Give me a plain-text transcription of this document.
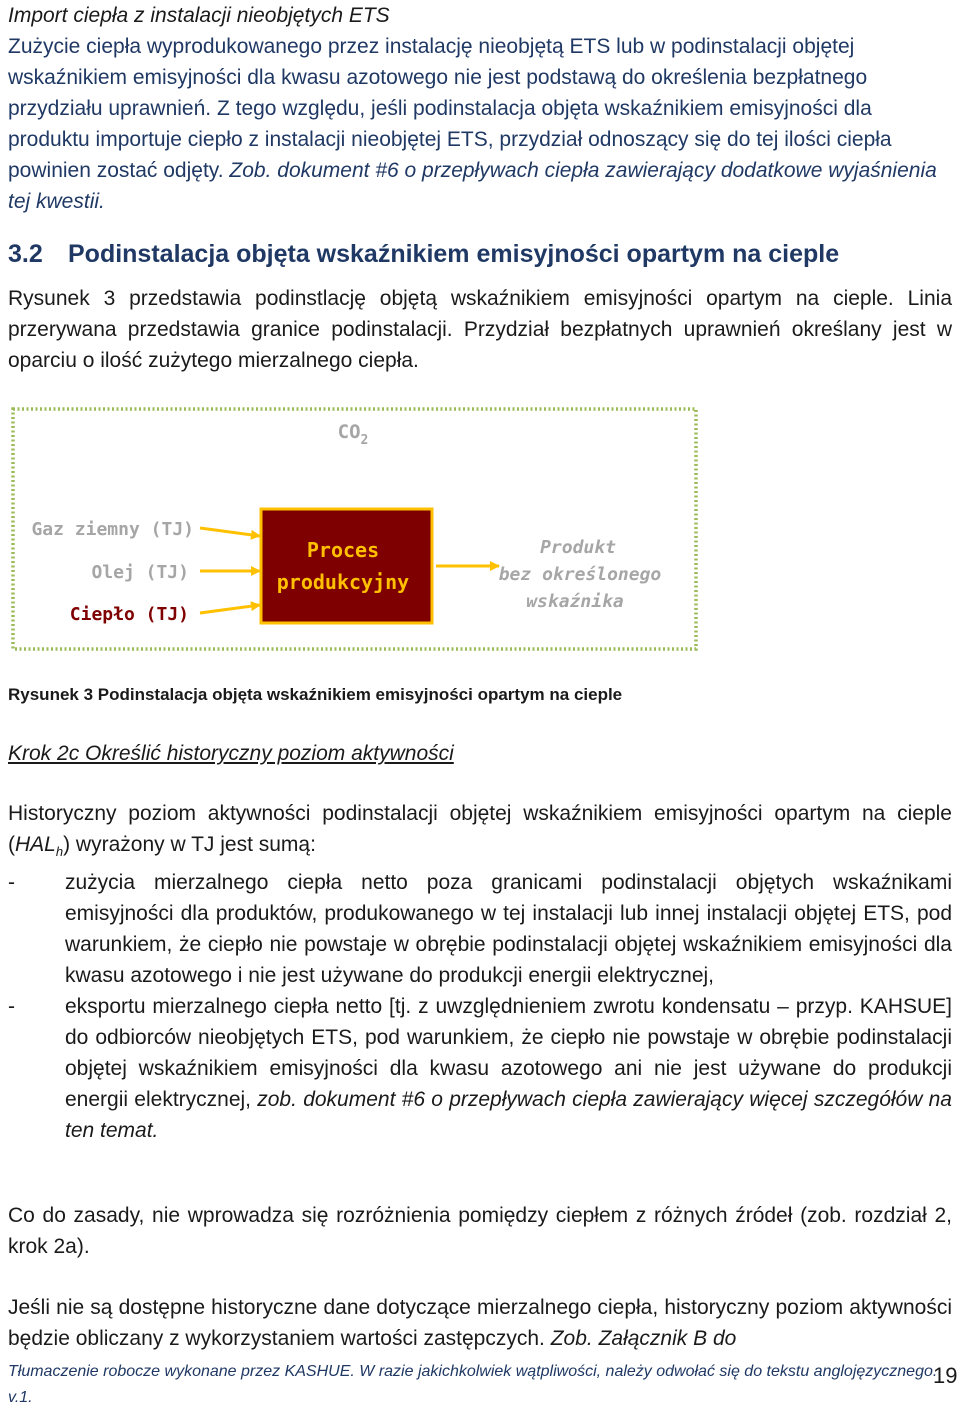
Import ciepła z instalacji nieobjętych ETS

Zużycie ciepła wyprodukowanego przez instalację nieobjętą ETS lub w podinstalacji objętej wskaźnikiem emisyjności dla kwasu azotowego nie jest podstawą do określenia bezpłatnego przydziału uprawnień. Z tego względu, jeśli podinstalacja objęta wskaźnikiem emisyjności dla produktu importuje ciepło z instalacji nieobjętej ETS, przydział odnoszący się do tej ilości ciepła powinien zostać odjęty. Zob. dokument #6 o przepływach ciepła zawierający dodatkowe wyjaśnienia tej kwestii.

3.2 Podinstalacja objęta wskaźnikiem emisyjności opartym na cieple

Rysunek 3 przedstawia podinstlację objętą wskaźnikiem emisyjności opartym na cieple. Linia przerywana przedstawia granice podinstalacji. Przydział bezpłatnych uprawnień określany jest w oparciu o ilość zużytego mierzalnego ciepła.

$CO_2$
Gaz ziemny (TJ)
Olej (TJ)
Ciepło (TJ)
Proces
produkcyjny
Produkt
bez określonego
wskaźnika
Rysunek 3 Podinstalacja objęta wskaźnikiem emisyjności opartym na cieple
Krok 2c Określić historyczny poziom aktywności

Historyczny poziom aktywności podinstalacji objętej wskaźnikiem emisyjności opartym na cieple $(HAL_h)$ wyrażony w TJ jest sumą:

- zużycia mierzalnego ciepła netto poza granicami podinstalacji objętych wskaźnikami emisyjności dla produktów, produkowanego w tej instalacji lub innej instalacji objętej ETS, pod warunkiem, że ciepło nie powstaje w obrębie podinstalacji objętej wskaźnikiem emisyjności dla kwasu azotowego i nie jest używane do produkcji energii elektrycznej,

- eksportu mierzalnego ciepła netto [tj. z uwzględnieniem zwrotu kondensatu – przyp. KAHSUE] do odbiorców nieobjętych ETS, pod warunkiem, że ciepło nie powstaje w obrębie podinstalacji objętej wskaźnikiem emisyjności dla kwasu azotowego ani nie jest używane do produkcji energii elektrycznej, zob. dokument #6 o przepływach ciepła zawierający więcej szczegółów na ten temat.

Co do zasady, nie wprowadza się rozróżnienia pomiędzy ciepłem z różnych źródeł (zob. rozdział 2, krok 2a).

Jeśli nie są dostępne historyczne dane dotyczące mierzalnego ciepła, historyczny poziom aktywności będzie obliczany z wykorzystaniem wartości zastępczych. Zob. Załącznik B do

Tłumaczenie robocze wykonane przez KASHUE. W razie jakichkolwiek wątpliwości, należy odwołać się do tekstu anglojęzycznego. v.1.
19
